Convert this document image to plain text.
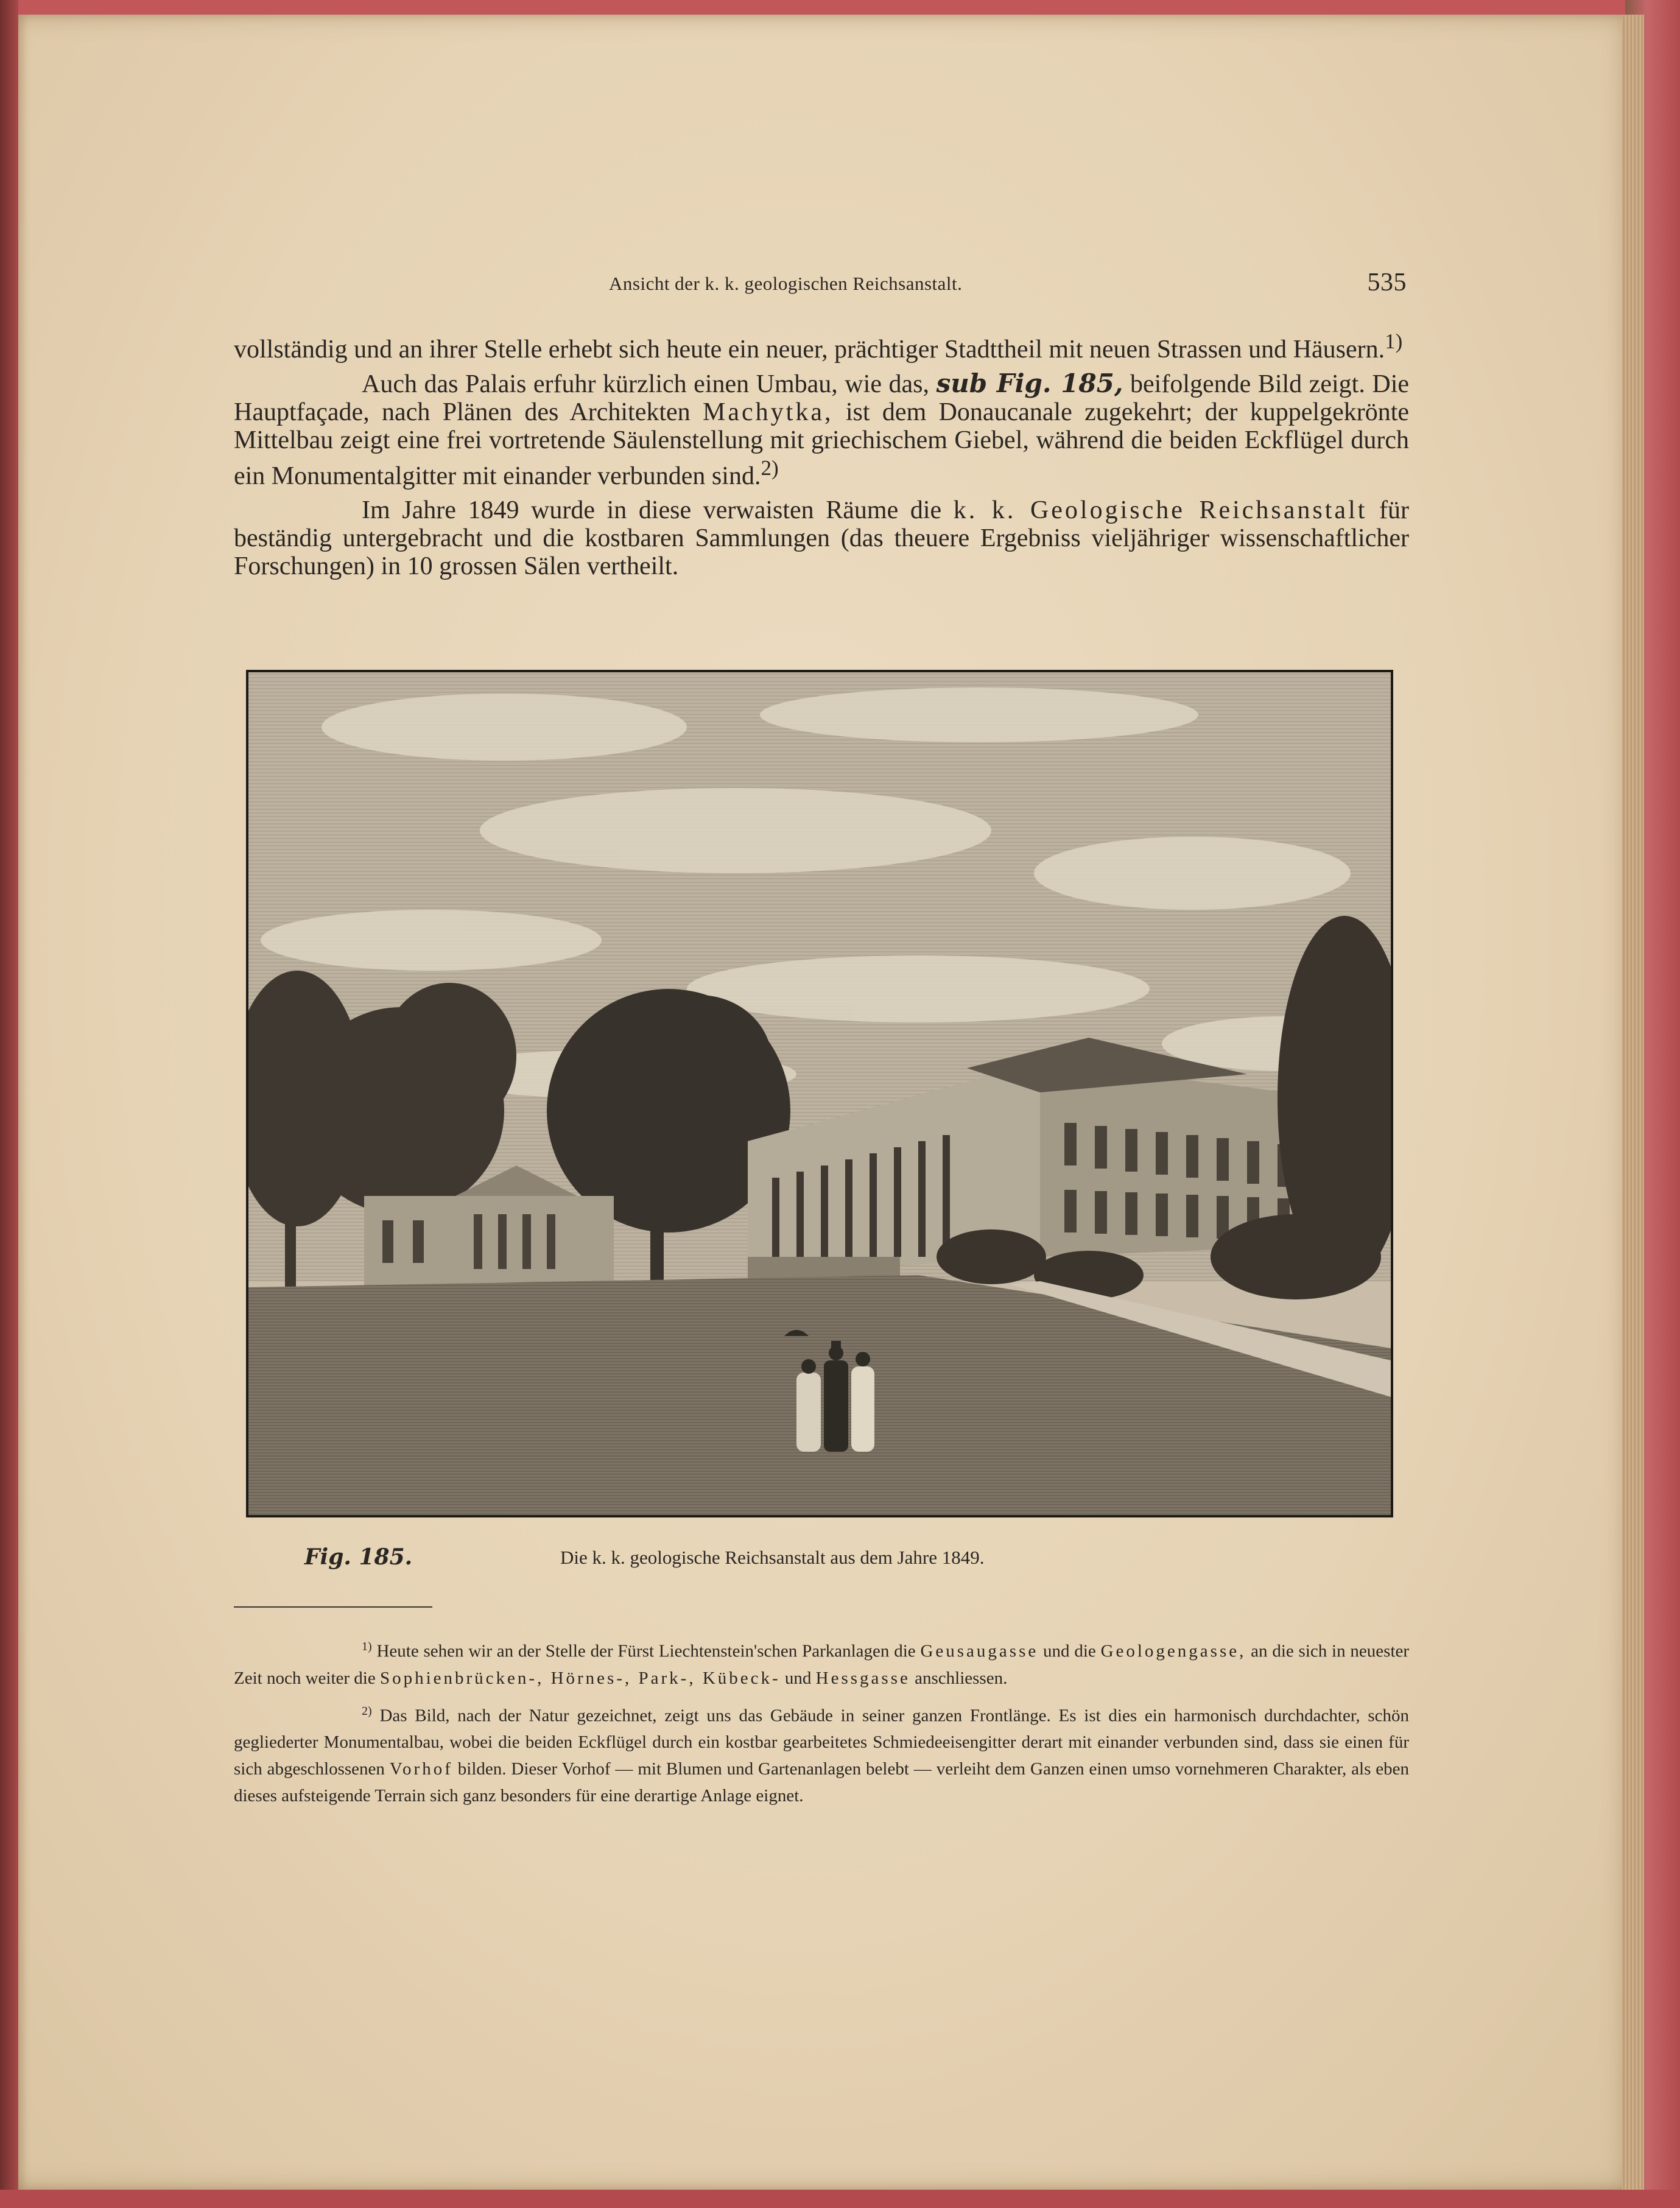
Ansicht der k. k. geologischen Reichsanstalt.	535

vollständig und an ihrer Stelle erhebt sich heute ein neuer, prächtiger Stadttheil mit neuen Strassen und Häusern.$^{1)}$

Auch das Palais erfuhr kürzlich einen Umbau, wie das, sub Fig. 185, beifolgende Bild zeigt. Die Hauptfaçade, nach Plänen des Architekten Machytka, ist dem Donaucanale zugekehrt; der kuppelgekrönte Mittelbau zeigt eine frei vortretende Säulenstellung mit griechischem Giebel, während die beiden Eckflügel durch ein Monumentalgitter mit einander verbunden sind.$^{2)}$

Im Jahre 1849 wurde in diese verwaisten Räume die k. k. Geologische Reichsanstalt für beständig untergebracht und die kostbaren Sammlungen (das theuere Ergebniss vieljähriger wissenschaftlicher Forschungen) in 10 grossen Sälen vertheilt.

Fig. 185.	Die k. k. geologische Reichsanstalt aus dem Jahre 1849.

$^{1)}$ Heute sehen wir an der Stelle der Fürst Liechtenstein'schen Parkanlagen die Geusaugasse und die Geologengasse, an die sich in neuester Zeit noch weiter die Sophienbrücken-, Hörnes-, Park-, Kübeck- und Hessgasse anschliessen.

$^{2)}$ Das Bild, nach der Natur gezeichnet, zeigt uns das Gebäude in seiner ganzen Frontlänge. Es ist dies ein harmonisch durchdachter, schön gegliederter Monumentalbau, wobei die beiden Eckflügel durch ein kostbar gearbeitetes Schmiedeeisengitter derart mit einander verbunden sind, dass sie einen für sich abgeschlossenen Vorhof bilden. Dieser Vorhof — mit Blumen und Gartenanlagen belebt — verleiht dem Ganzen einen umso vornehmeren Charakter, als eben dieses aufsteigende Terrain sich ganz besonders für eine derartige Anlage eignet.
